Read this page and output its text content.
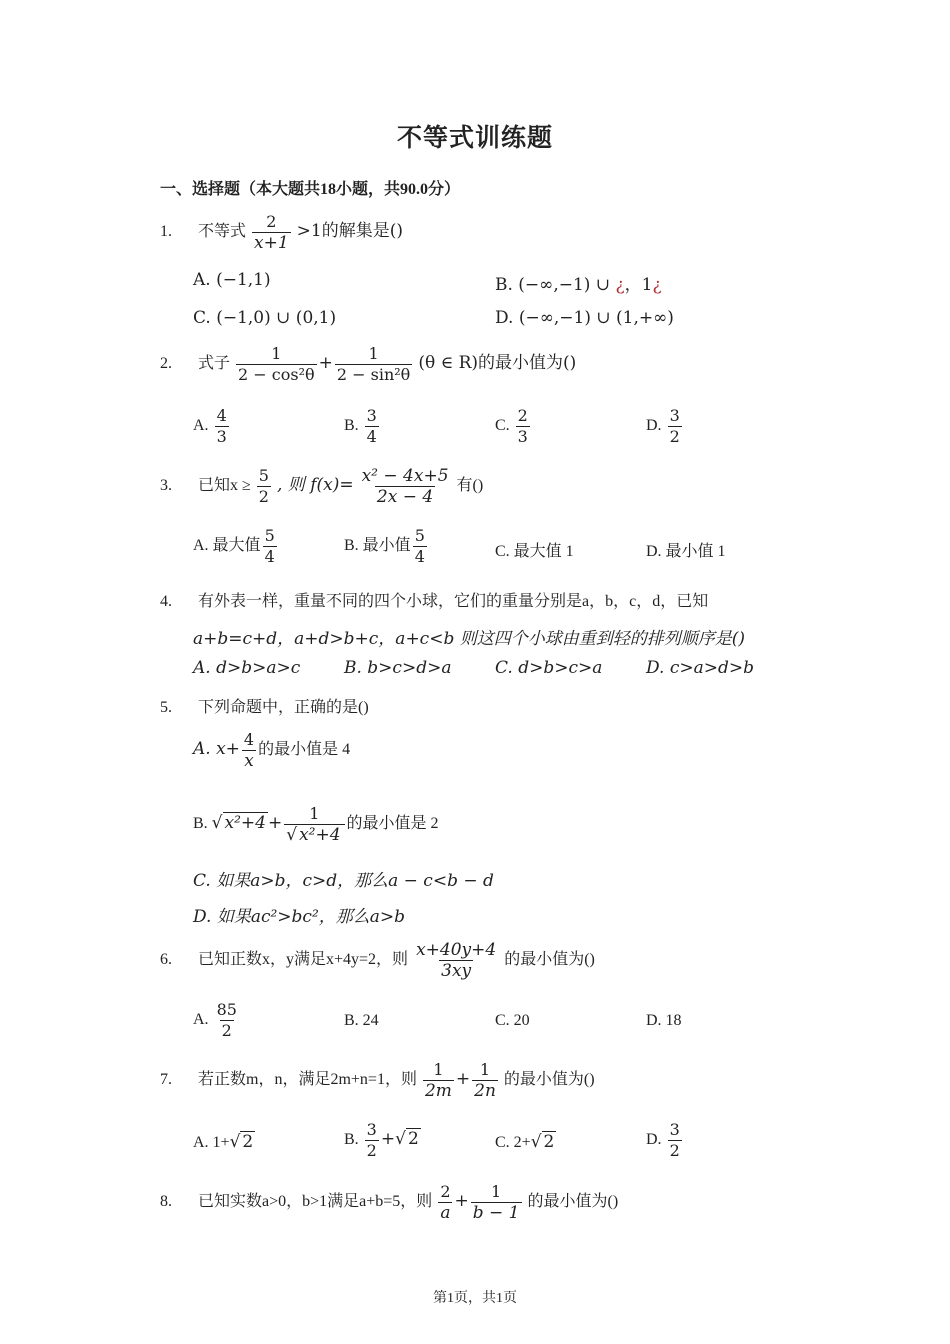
不等式训练题
一、选择题（本大题共18小题，共90.0分）
1. 不等式 $\frac{2}{x+1} >1$的解集是()
A. (−1,1)	B. (−∞,−1) ∪ ¿，1¿
C. (−1,0) ∪ (0,1)	D. (−∞,−1) ∪ (1,+∞)
2. 式子 $\frac{1}{\text{2 − cos²θ}} + \frac{1}{\text{2 − sin²θ}} (\theta$ ∈ R)的最小值为()
A. $\frac{4}{3}$	B. $\frac{3}{4}$	C. $\frac{2}{3}$	D. $\frac{3}{2}$
3. 已知$x \ge \frac{5}{2}$ , 则 $f(x)= \frac{\text{x² − 4x+5}}{2x - 4}$ 有()
A. 最大值 $\frac{5}{4}$	B. 最小值 $\frac{5}{4}$	C. 最大值 1	D. 最小值 1
4. 有外表一样，重量不同的四个小球，它们的重量分别是a，b，c，d，已知
a+b=c+d，a+d>b+c，a+c<b 则这四个小球由重到轻的排列顺序是()
A. d>b>a>c	B. b>c>d>a	C. d>b>c>a	D. c>a>d>b
5. 下列命题中，正确的是()
A. $x+ \frac{4}{x}$ 的最小值是 4
B. √ $x^2+4 + \frac{1}{\text{√ x²+4}}$ 的最小值是 2
C. 如果a>b，c>d，那么a − c<b − d
D. 如果ac²>bc²，那么a>b
6. 已知正数x，y满足x+4y=2，则 $\frac{x+40y+4}{3xy}$ 的最小值为()
A. $\frac{85}{2}$	B. 24	C. 20	D. 18
7. 若正数m，n，满足2m+n=1，则 $\frac{1}{2m} + \frac{1}{2n}$ 的最小值为()
A. 1+√ 2	B. $\frac{3}{2}$ +√ 2	C. 2+√ 2	D. $\frac{3}{2}$
8. 已知实数a>0，b>1满足a+b=5，则 $\frac{2}{a} + \frac{1}{b - 1}$ 的最小值为()
第1页，共1页
